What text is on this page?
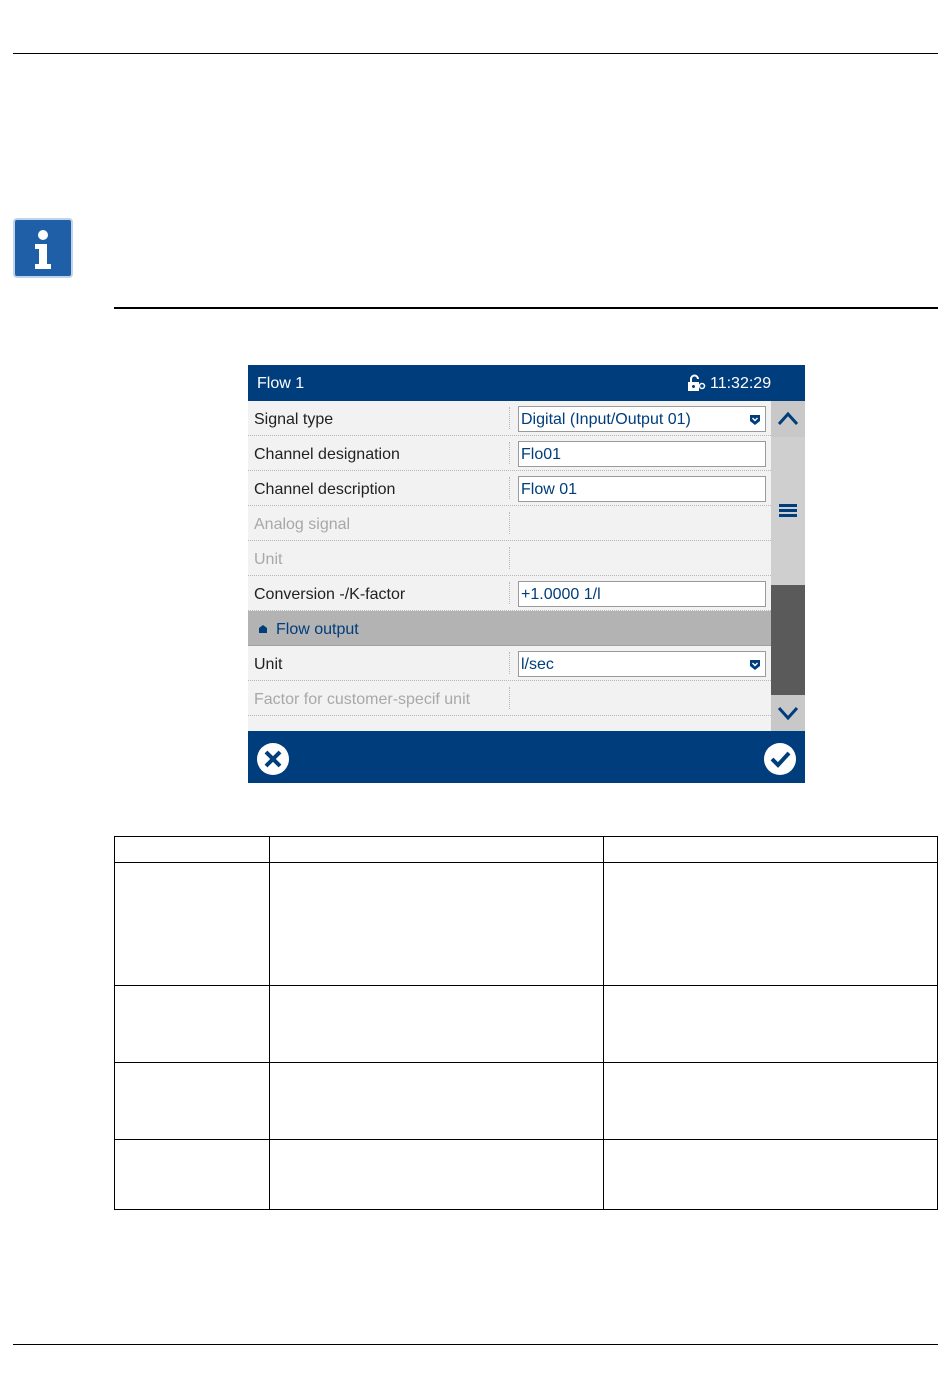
Flow 1	11:32:29
Signal type	Digital (Input/Output 01)
Channel designation	Flo01
Channel description	Flow 01
Analog signal
Unit
Conversion -/K-factor	+1.0000 1/l
Flow output
Unit	l/sec
Factor for customer-specif unit
